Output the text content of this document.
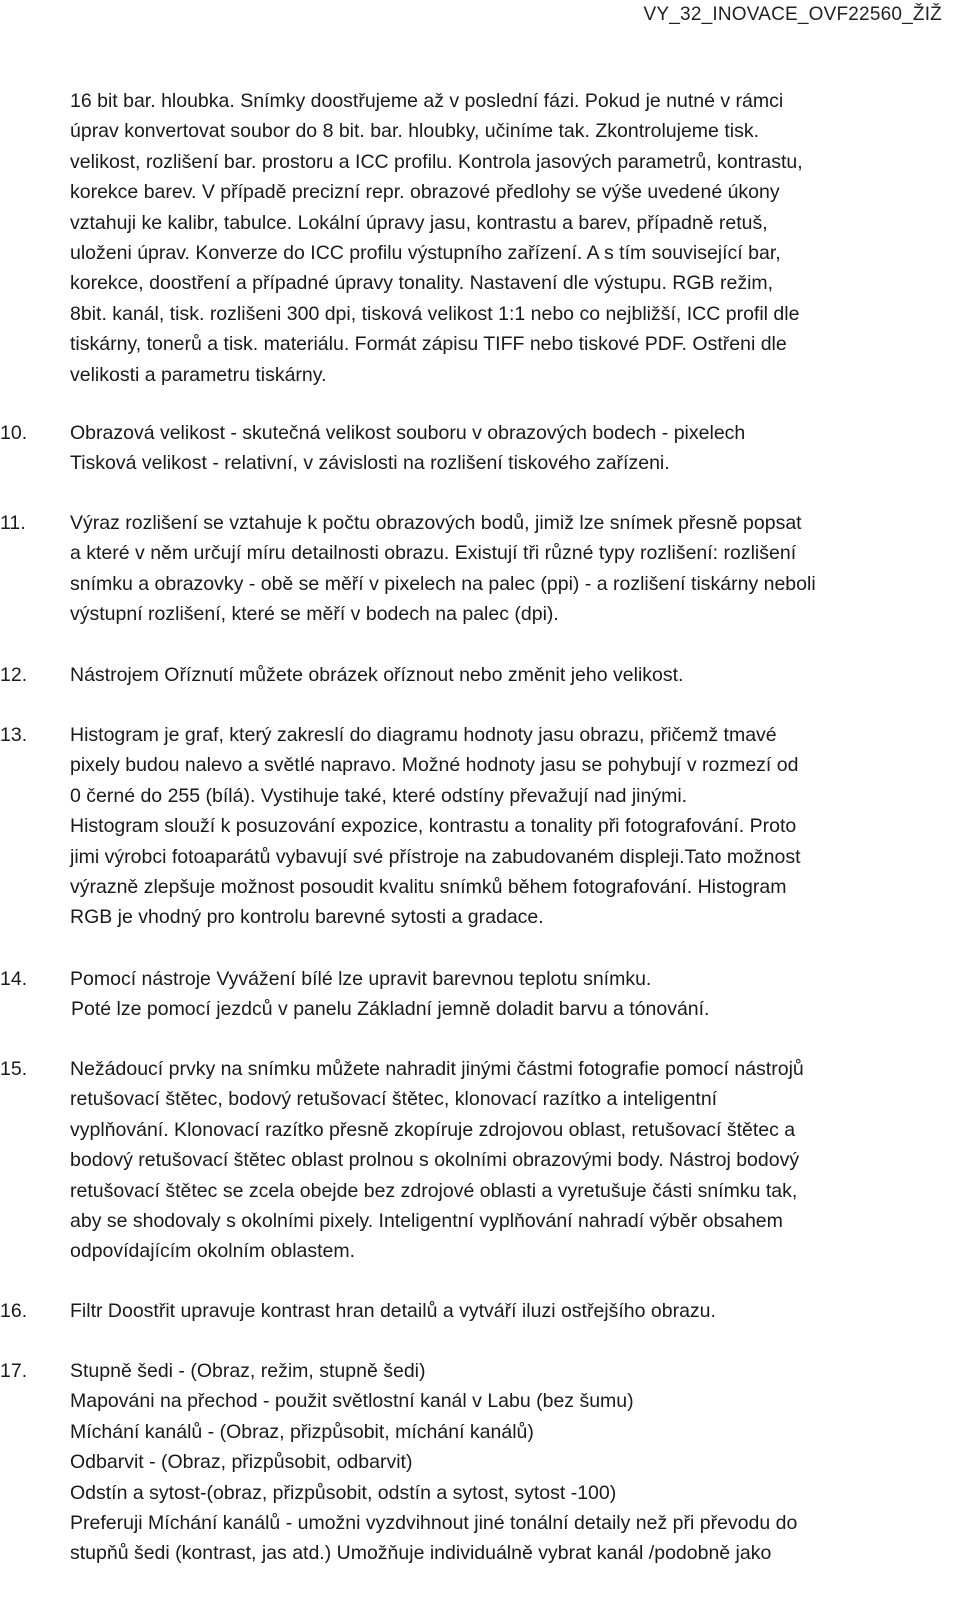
VY_32_INOVACE_OVF22560_ŽIŽ

16 bit bar. hloubka. Snímky doostřujeme až v poslední fázi. Pokud je nutné v rámci

úprav konvertovat soubor do 8 bit. bar. hloubky, učiníme tak. Zkontrolujeme tisk.

velikost, rozlišení bar. prostoru a ICC profilu. Kontrola jasových parametrů, kontrastu,

korekce barev. V případě precizní repr. obrazové předlohy se výše uvedené úkony

vztahuji ke kalibr, tabulce. Lokální úpravy jasu, kontrastu a barev, případně retuš,

uloženi úprav. Konverze do ICC profilu výstupního zařízení. A s tím související bar,

korekce, doostření a případné úpravy tonality. Nastavení dle výstupu. RGB režim,

8bit. kanál, tisk. rozlišeni 300 dpi, tisková velikost 1:1 nebo co nejbližší, ICC profil dle

tiskárny, tonerů a tisk. materiálu. Formát zápisu TIFF nebo tiskové PDF. Ostřeni dle

velikosti a parametru tiskárny.

10. Obrazová velikost - skutečná velikost souboru v obrazových bodech - pixelech

Tisková velikost - relativní, v závislosti na rozlišení tiskového zařízeni.

11. Výraz rozlišení se vztahuje k počtu obrazových bodů, jimiž lze snímek přesně popsat

a které v něm určují míru detailnosti obrazu. Existují tři různé typy rozlišení: rozlišení

snímku a obrazovky - obě se měří v pixelech na palec (ppi) - a rozlišení tiskárny neboli

výstupní rozlišení, které se měří v bodech na palec (dpi).

12. Nástrojem Oříznutí můžete obrázek oříznout nebo změnit jeho velikost.

13. Histogram je graf, který zakreslí do diagramu hodnoty jasu obrazu, přičemž tmavé

pixely budou nalevo a světlé napravo. Možné hodnoty jasu se pohybují v rozmezí od

0 černé do 255 (bílá). Vystihuje také, které odstíny převažují nad jinými.

Histogram slouží k posuzování expozice, kontrastu a tonality při fotografování. Proto

jimi výrobci fotoaparátů vybavují své přístroje na zabudovaném displeji.Tato možnost

výrazně zlepšuje možnost posoudit kvalitu snímků během fotografování. Histogram

RGB je vhodný pro kontrolu barevné sytosti a gradace.

14. Pomocí nástroje Vyvážení bílé lze upravit barevnou teplotu snímku.

Poté lze pomocí jezdců v panelu Základní jemně doladit barvu a tónování.

15. Nežádoucí prvky na snímku můžete nahradit jinými částmi fotografie pomocí nástrojů

retušovací štětec, bodový retušovací štětec, klonovací razítko a inteligentní

vyplňování. Klonovací razítko přesně zkopíruje zdrojovou oblast, retušovací štětec a

bodový retušovací štětec oblast prolnou s okolními obrazovými body. Nástroj bodový

retušovací štětec se zcela obejde bez zdrojové oblasti a vyretušuje části snímku tak,

aby se shodovaly s okolními pixely. Inteligentní vyplňování nahradí výběr obsahem

odpovídajícím okolním oblastem.

16. Filtr Doostřit upravuje kontrast hran detailů a vytváří iluzi ostřejšího obrazu.

17. Stupně šedi - (Obraz, režim, stupně šedi)

Mapováni na přechod - použit světlostní kanál v Labu (bez šumu)

Míchání kanálů - (Obraz, přizpůsobit, míchání kanálů)

Odbarvit - (Obraz, přizpůsobit, odbarvit)

Odstín a sytost-(obraz, přizpůsobit, odstín a sytost, sytost -100)

Preferuji Míchání kanálů - umožni vyzdvihnout jiné tonální detaily než při převodu do

stupňů šedi (kontrast, jas atd.) Umožňuje individuálně vybrat kanál /podobně jako
